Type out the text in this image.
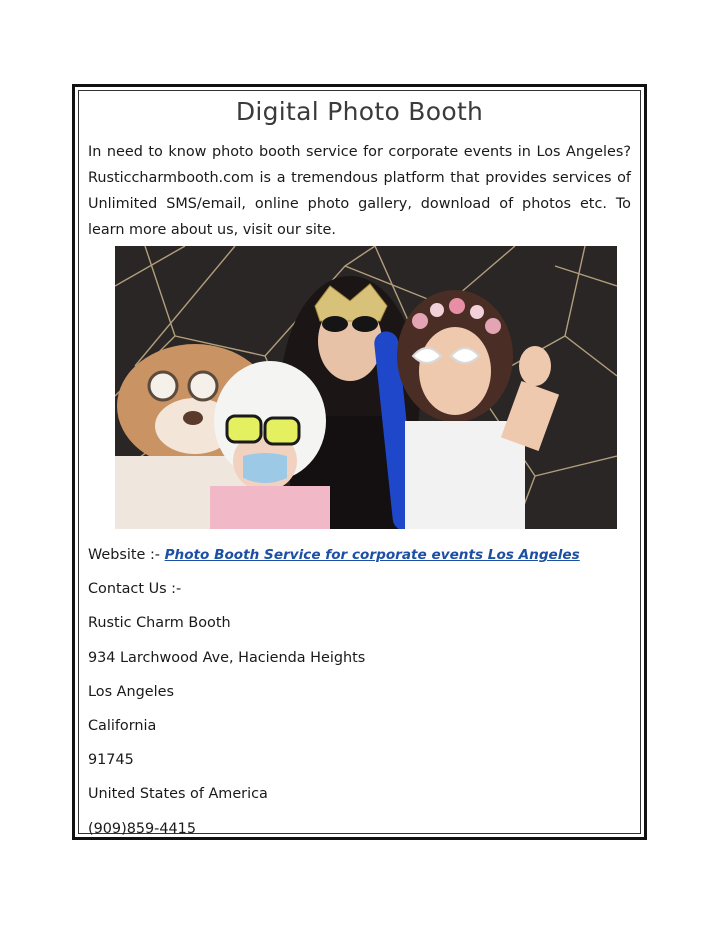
Digital Photo Booth

In need to know photo booth service for corporate events in Los Angeles? Rusticcharmbooth.com is a tremendous platform that provides services of Unlimited SMS/email, online photo gallery, download of photos etc. To learn more about us, visit our site.

Website :- Photo Booth Service for corporate events Los Angeles
Contact Us :-
Rustic Charm Booth
934 Larchwood Ave, Hacienda Heights
Los Angeles
California
91745
United States of America
(909)859-4415
